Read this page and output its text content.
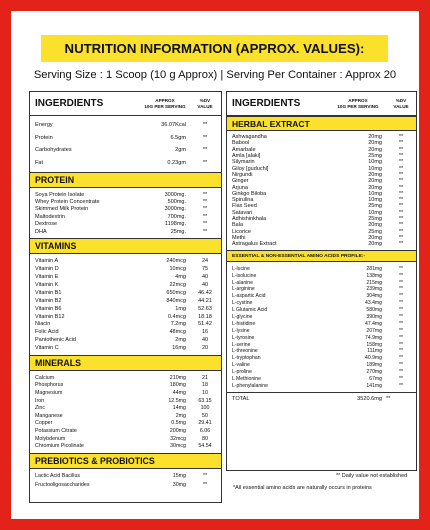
NUTRITION INFORMATION (APPROX. VALUES):
Serving Size : 1 Scoop (10 g Approx) | Serving Per Container : Approx 20
INGERDIENTS	APPROX
10G PER SERVING
%DV
VALUE
Energy	36.07Kcal	**
Protein	6.5gm	**
Carbohydrates	2gm	**
Fat	0.23gm	**
PROTEIN
Soya Protein Isolate	3000mg.	**
Whey Protein Concentrate	500mg.	**
Skimmed Milk Protein	3000mg.	**
Maltodextrin	700mg.	**
Dextrose	1198mg.	**
DHA	25mg.	**
VITAMINS
Vitamin A	240mcg	24
Vitamin D	10mcg	75
Vitamin E	4mg	40
Vitamin K	22mcg	40
Vitamin B1	650mcg	46.42
Vitamin B2	840mcg	44.21
Vitamin B6	1mg	52.63
Vitamin B12	0.4mcg	18.18
Niacin	7.2mg	51.42
Folic Acid	48mcg	16
Pantothenic Acid	2mg	40
Vitamin C	16mg	20
MINERALS
Calcium	210mg	21
Phosphorus	180mg	18
Magnesium	44mg	10
Iron	12.5mg	63.15
Zinc	14mg	100
Manganese	2mg	50
Copper	0.5mg	29.41
Potassium Citrate	200mg	6.06
Molybdenum	32mcg	80
Chromium Picolinate	30mcg	54.54
PREBIOTICS & PROBIOTICS
Lactic Acid Bacillus	15mg	**
Fructooligosaccharides	30mg	**
INGERDIENTS	APPROX
10G PER SERVING
%DV
VALUE
HERBAL EXTRACT
Ashwagandha	20mg	**
Babool	20mg	**
Amarbale	20mg	**
Amla [alaki]	25mg	**
Silymarin	10mg	**
Giloy [guduchi]	10mg	**
Nirgundi	20mg	**
Ginger	20mg	**
Arjuna	20mg	**
Ginkgo Biloba	10mg	**
Spirulina	10mg	**
Flax Seed	25mg	**
Satavari	10mg	**
Adhishinkhala	25mg	**
Bala	20mg	**
Licorice	25mg	**
Methi	20mg	**
Astragalus Extract	20mg	**
ESSENTIAL & NON-ESSENTIAL AMINO ACIDS PROFILE:-
L-lucine	281mg	**
L-isolucine	138mg	**
L-alanine	215mg	**
L-arginine	239mg	**
L-aspartic Acid	304mg	**
L-cystine	43.4mg	**
L Glutamic Acid	580mg	**
L-glycine	390mg	**
L-histidine	47.4mg	**
L-lysine	207mg	**
L-tyrosine	74.9mg	**
L-serine	158mg	**
L-threonine	111mg	**
L-tryptophan	40.9mg	**
L-valine	189mg	**
L-proline	270mg	**
L Methionine	67mg	**
L-phenylalanine	141mg	**
TOTAL	3520.6mg **
** Daily value not established
*All essential amino acids are naturally occurs in proteins
